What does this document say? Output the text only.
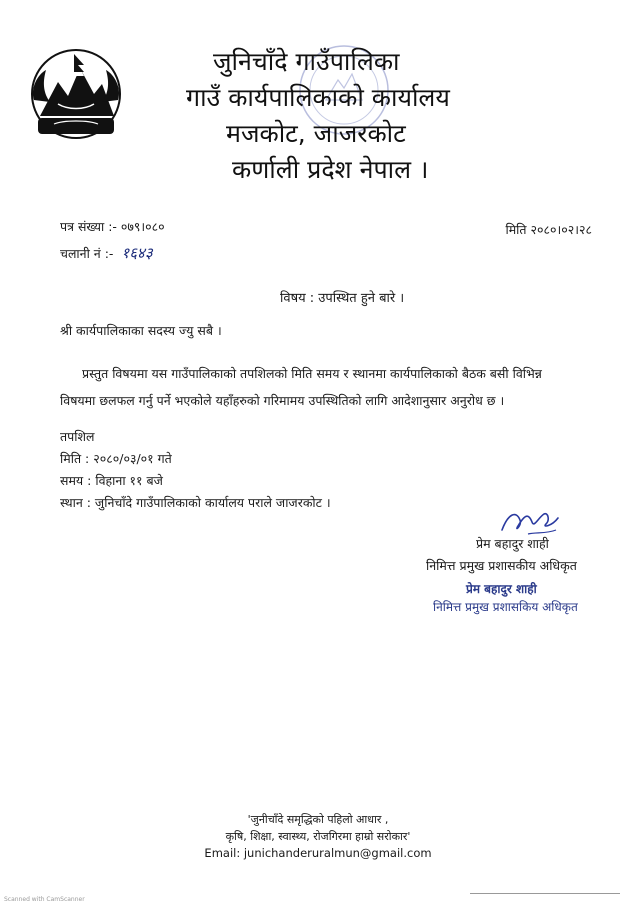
जुनिचाँदे गाउँपालिका
गाउँ कार्यपालिकाको कार्यालय
मजकोट, जाजरकोट
कर्णाली प्रदेश नेपाल ।
पत्र संख्या :- ०७९।०८०	मिति २०८०।०२।२८
चलानी नं :- १६४३
विषय : उपस्थित हुने बारे ।
श्री कार्यपालिकाका सदस्य ज्यु सबै ।
प्रस्तुत विषयमा यस गाउँपालिकाको तपशिलको मिति समय र स्थानमा कार्यपालिकाको बैठक बसी विभिन्न विषयमा छलफल गर्नु पर्ने भएकोले यहाँहरुको गरिमामय उपस्थितिको लागि आदेशानुसार अनुरोध छ ।
तपशिल
मिति : २०८०/०३/०१ गते
समय : विहाना ११ बजे
स्थान : जुनिचाँदे गाउँपालिकाको कार्यालय पराले जाजरकोट ।
प्रेम बहादुर शाही
निमित्त प्रमुख प्रशासकीय अधिकृत
प्रेम बहादुर शाही
निमित्त प्रमुख प्रशासकिय अधिकृत
'जुनीचाँदे समृद्धिको पहिलो आधार ,
कृषि, शिक्षा, स्वास्थ्य, रोजगिरमा हाम्रो सरोकार'
Email: junichanderuralmun@gmail.com
Scanned with CamScanner
